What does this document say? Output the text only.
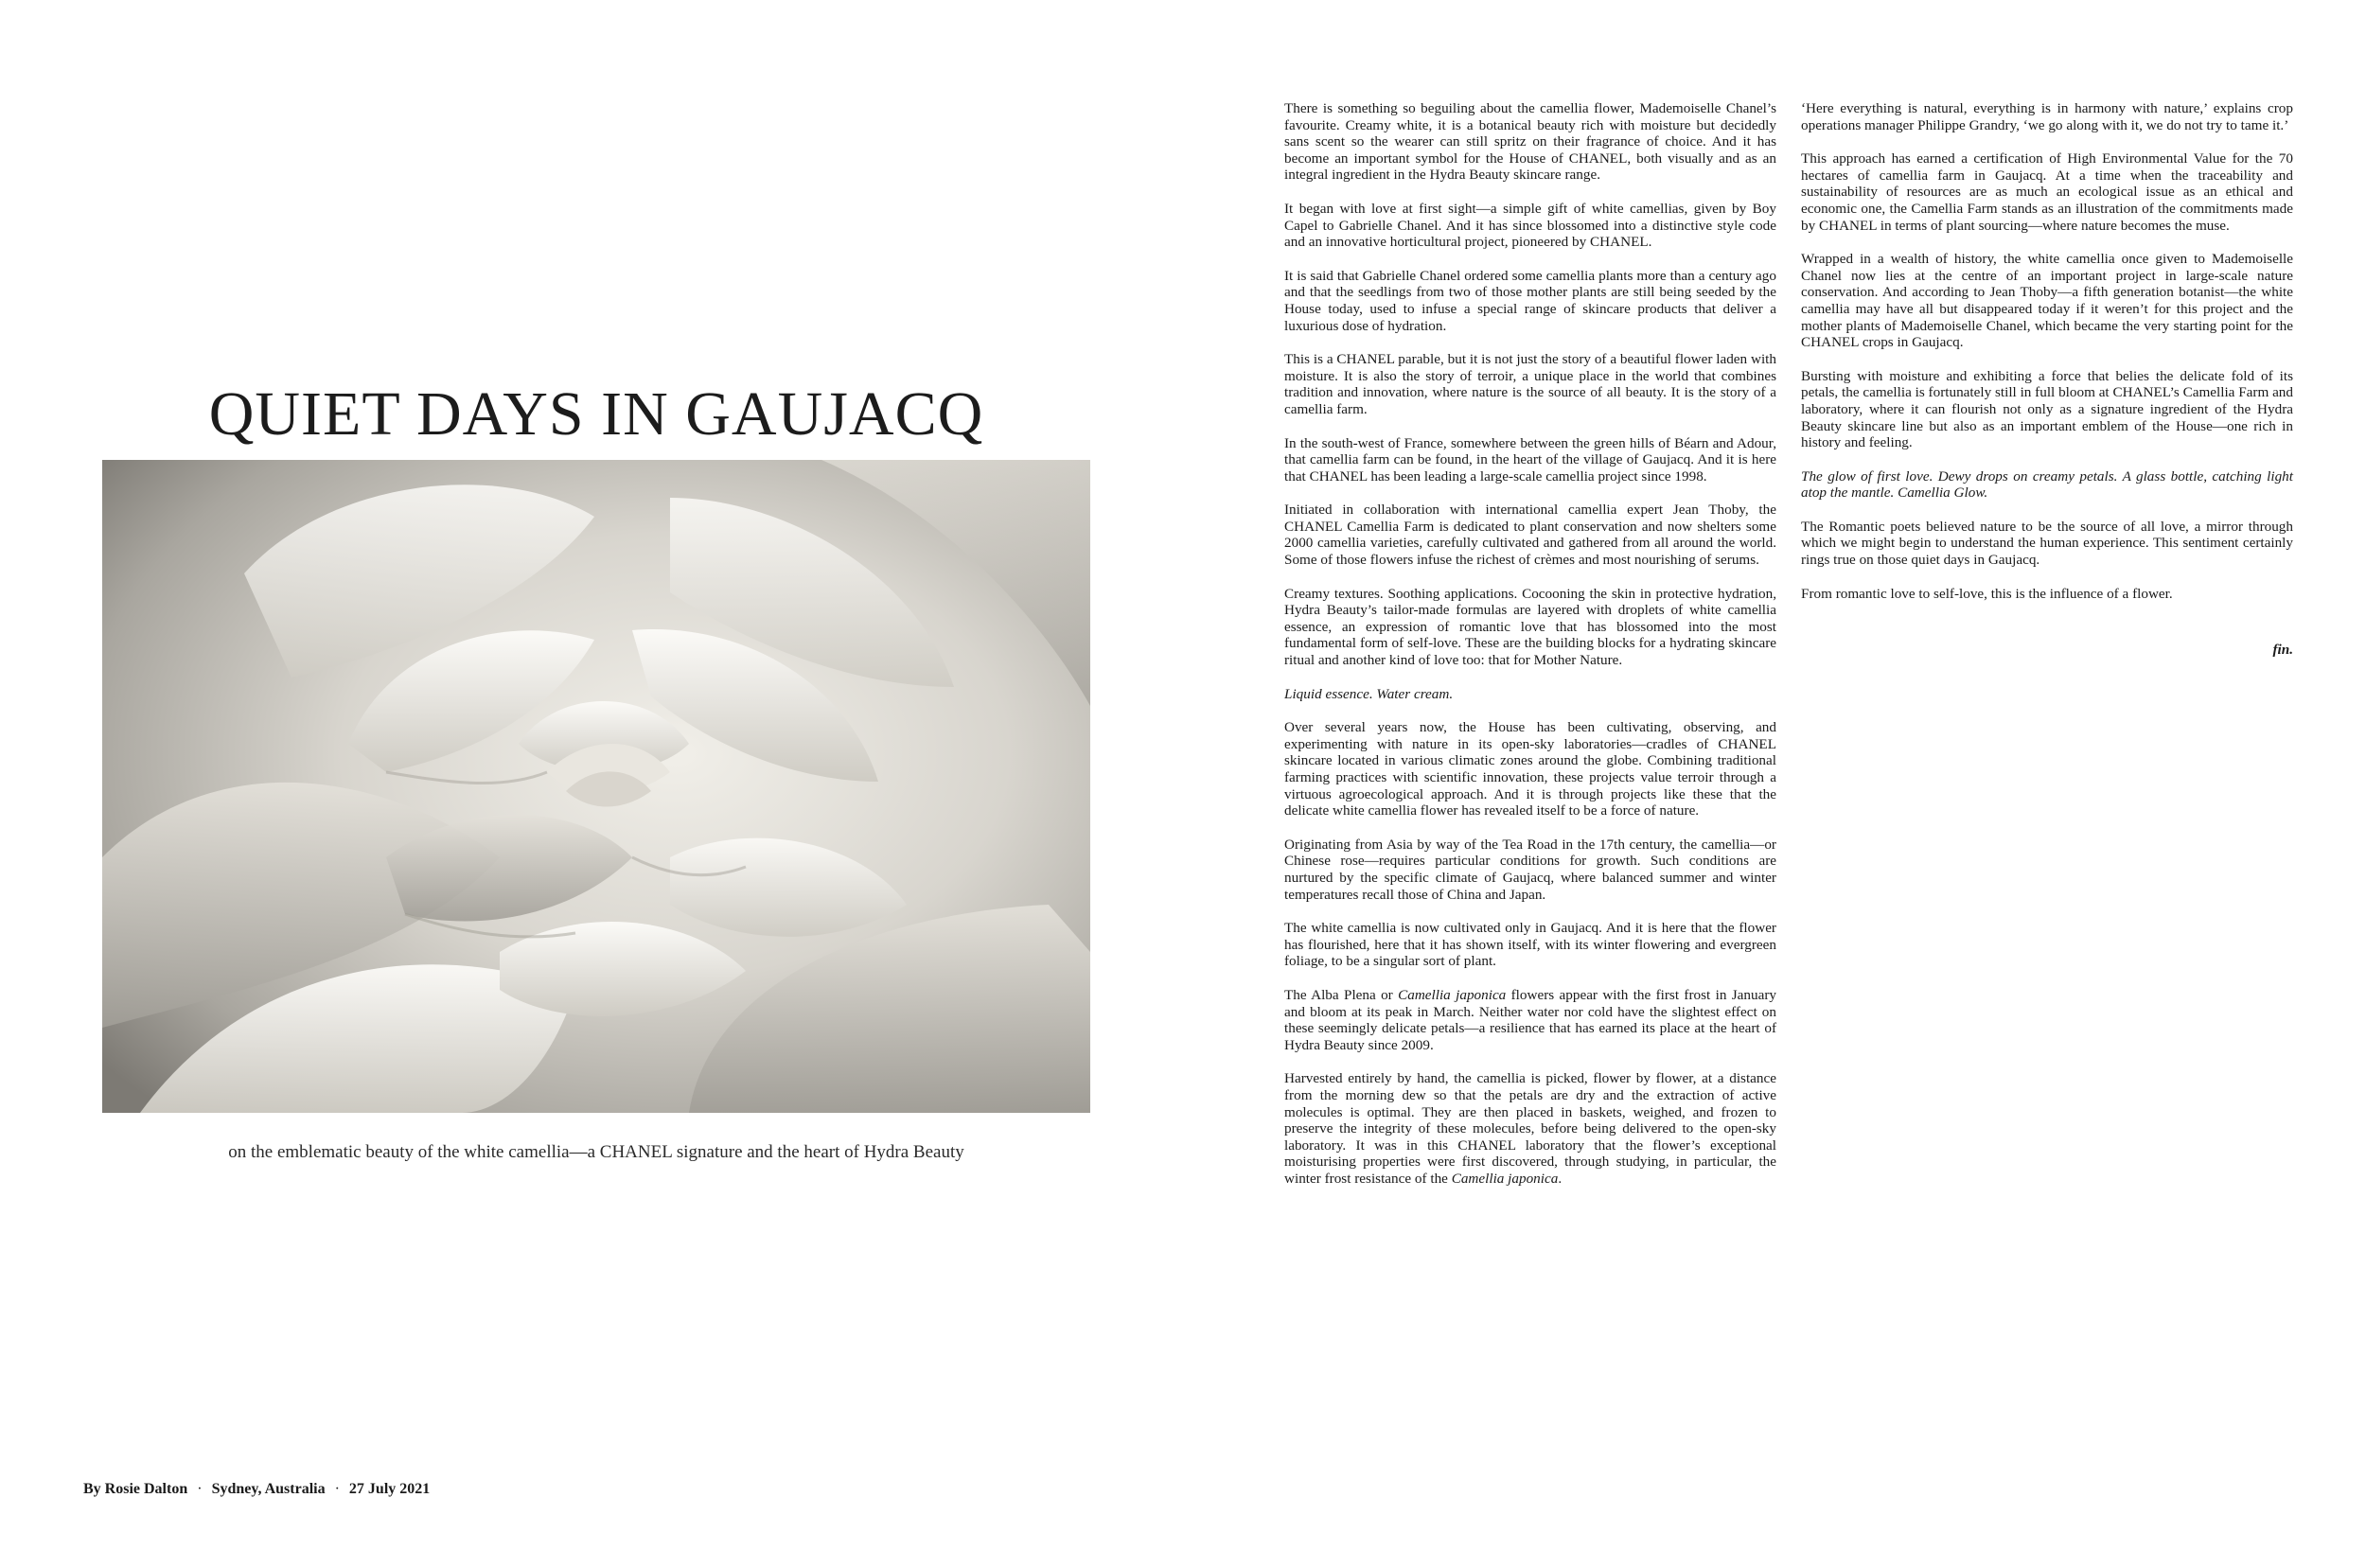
QUIET DAYS IN GAUJACQ
on the emblematic beauty of the white camellia—a CHANEL signature and the heart of Hydra Beauty
By Rosie Dalton · Sydney, Australia · 27 July 2021

There is something so beguiling about the camellia flower, Mademoiselle Chanel’s favourite. Creamy white, it is a botanical beauty rich with moisture but decidedly sans scent so the wearer can still spritz on their fragrance of choice. And it has become an important symbol for the House of CHANEL, both visually and as an integral ingredient in the Hydra Beauty skincare range.

It began with love at first sight—a simple gift of white camellias, given by Boy Capel to Gabrielle Chanel. And it has since blossomed into a distinctive style code and an innovative horticultural project, pioneered by CHANEL.

It is said that Gabrielle Chanel ordered some camellia plants more than a century ago and that the seedlings from two of those mother plants are still being seeded by the House today, used to infuse a special range of skincare products that deliver a luxurious dose of hydration.

This is a CHANEL parable, but it is not just the story of a beautiful flower laden with moisture. It is also the story of terroir, a unique place in the world that combines tradition and innovation, where nature is the source of all beauty. It is the story of a camellia farm.

In the south-west of France, somewhere between the green hills of Béarn and Adour, that camellia farm can be found, in the heart of the village of Gaujacq. And it is here that CHANEL has been leading a large-scale camellia project since 1998.

Initiated in collaboration with international camellia expert Jean Thoby, the CHANEL Camellia Farm is dedicated to plant conservation and now shelters some 2000 camellia varieties, carefully cultivated and gathered from all around the world. Some of those flowers infuse the richest of crèmes and most nourishing of serums.

Creamy textures. Soothing applications. Cocooning the skin in protective hydration, Hydra Beauty’s tailor-made formulas are layered with droplets of white camellia essence, an expression of romantic love that has blossomed into the most fundamental form of self-love. These are the building blocks for a hydrating skincare ritual and another kind of love too: that for Mother Nature.

Liquid essence. Water cream.

Over several years now, the House has been cultivating, observing, and experimenting with nature in its open-sky laboratories—cradles of CHANEL skincare located in various climatic zones around the globe. Combining traditional farming practices with scientific innovation, these projects value terroir through a virtuous agroecological approach. And it is through projects like these that the delicate white camellia flower has revealed itself to be a force of nature.

Originating from Asia by way of the Tea Road in the 17th century, the camellia—or Chinese rose—requires particular conditions for growth. Such conditions are nurtured by the specific climate of Gaujacq, where balanced summer and winter temperatures recall those of China and Japan.

The white camellia is now cultivated only in Gaujacq. And it is here that the flower has flourished, here that it has shown itself, with its winter flowering and evergreen foliage, to be a singular sort of plant.

The Alba Plena or Camellia japonica flowers appear with the first frost in January and bloom at its peak in March. Neither water nor cold have the slightest effect on these seemingly delicate petals—a resilience that has earned its place at the heart of Hydra Beauty since 2009.

Harvested entirely by hand, the camellia is picked, flower by flower, at a distance from the morning dew so that the petals are dry and the extraction of active molecules is optimal. They are then placed in baskets, weighed, and frozen to preserve the integrity of these molecules, before being delivered to the open-sky laboratory. It was in this CHANEL laboratory that the flower’s exceptional moisturising properties were first discovered, through studying, in particular, the winter frost resistance of the Camellia japonica.

‘Here everything is natural, everything is in harmony with nature,’ explains crop operations manager Philippe Grandry, ‘we go along with it, we do not try to tame it.’

This approach has earned a certification of High Environmental Value for the 70 hectares of camellia farm in Gaujacq. At a time when the traceability and sustainability of resources are as much an ecological issue as an ethical and economic one, the Camellia Farm stands as an illustration of the commitments made by CHANEL in terms of plant sourcing—where nature becomes the muse.

Wrapped in a wealth of history, the white camellia once given to Mademoiselle Chanel now lies at the centre of an important project in large-scale nature conservation. And according to Jean Thoby—a fifth generation botanist—the white camellia may have all but disappeared today if it weren’t for this project and the mother plants of Mademoiselle Chanel, which became the very starting point for the CHANEL crops in Gaujacq.

Bursting with moisture and exhibiting a force that belies the delicate fold of its petals, the camellia is fortunately still in full bloom at CHANEL’s Camellia Farm and laboratory, where it can flourish not only as a signature ingredient of the Hydra Beauty skincare line but also as an important emblem of the House—one rich in history and feeling.

The glow of first love. Dewy drops on creamy petals. A glass bottle, catching light atop the mantle. Camellia Glow.

The Romantic poets believed nature to be the source of all love, a mirror through which we might begin to understand the human experience. This sentiment certainly rings true on those quiet days in Gaujacq.

From romantic love to self-love, this is the influence of a flower.

fin.
